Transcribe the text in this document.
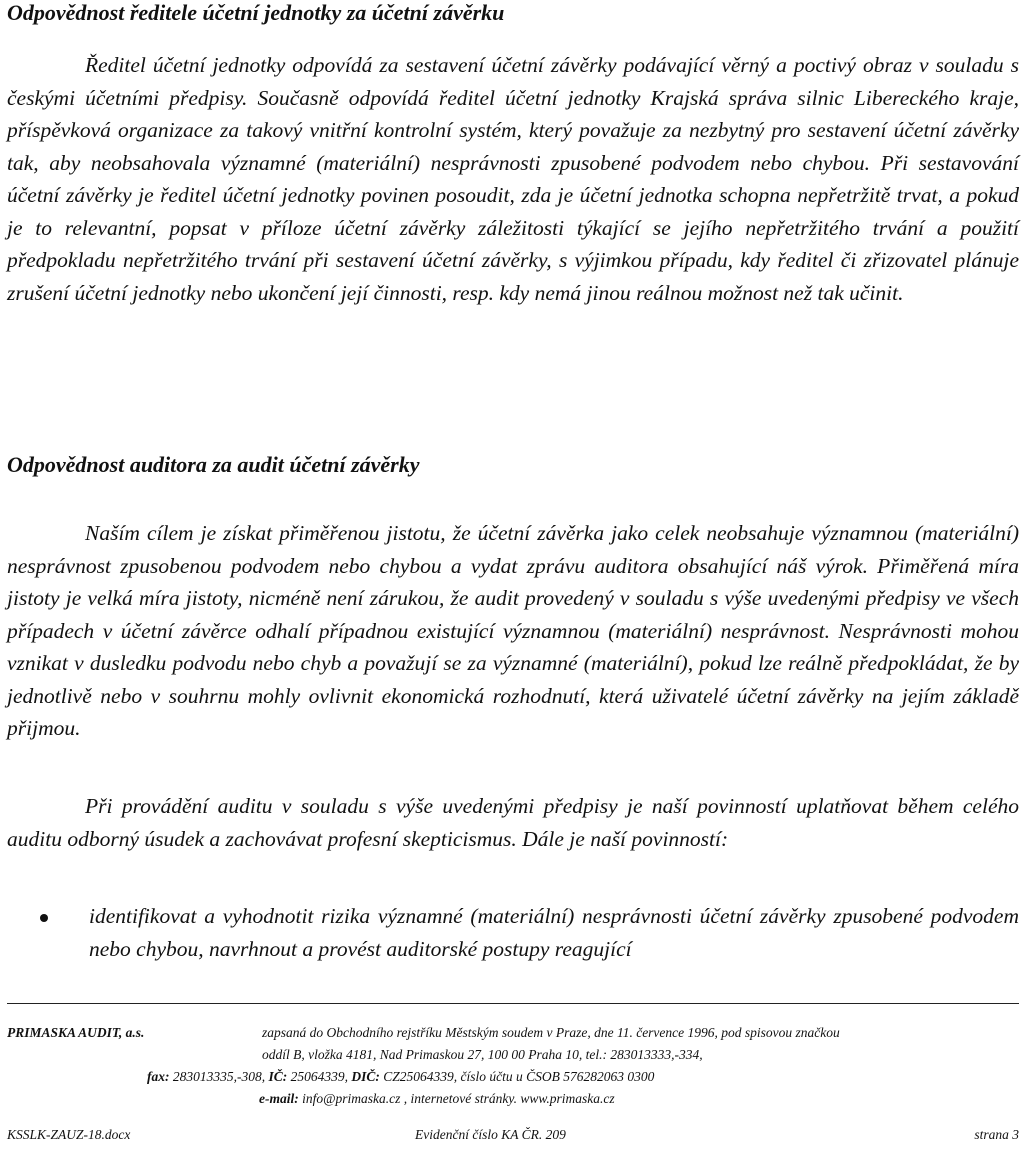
Odpovědnost ředitele účetní jednotky za účetní závěrku

Ředitel účetní jednotky odpovídá za sestavení účetní závěrky podávající věrný a poctivý obraz v souladu s českými účetními předpisy. Současně odpovídá ředitel účetní jednotky Krajská správa silnic Libereckého kraje, příspěvková organizace za takový vnitřní kontrolní systém, který považuje za nezbytný pro sestavení účetní závěrky tak, aby neobsahovala významné (materiální) nesprávnosti zpusobené podvodem nebo chybou. Při sestavování účetní závěrky je ředitel účetní jednotky povinen posoudit, zda je účetní jednotka schopna nepřetržitě trvat, a pokud je to relevantní, popsat v příloze účetní závěrky záležitosti týkající se jejího nepřetržitého trvání a použití předpokladu nepřetržitého trvání při sestavení účetní závěrky, s výjimkou případu, kdy ředitel či zřizovatel plánuje zrušení účetní jednotky nebo ukončení její činnosti, resp. kdy nemá jinou reálnou možnost než tak učinit.

Odpovědnost auditora za audit účetní závěrky

Naším cílem je získat přiměřenou jistotu, že účetní závěrka jako celek neobsahuje významnou (materiální) nesprávnost zpusobenou podvodem nebo chybou a vydat zprávu auditora obsahující náš výrok. Přiměřená míra jistoty je velká míra jistoty, nicméně není zárukou, že audit provedený v souladu s výše uvedenými předpisy ve všech případech v účetní závěrce odhalí případnou existující významnou (materiální) nesprávnost. Nesprávnosti mohou vznikat v dusledku podvodu nebo chyb a považují se za významné (materiální), pokud lze reálně předpokládat, že by jednotlivě nebo v souhrnu mohly ovlivnit ekonomická rozhodnutí, která uživatelé účetní závěrky na jejím základě přijmou.

Při provádění auditu v souladu s výše uvedenými předpisy je naší povinností uplatňovat během celého auditu odborný úsudek a zachovávat profesní skepticismus. Dále je naší povinností:

identifikovat a vyhodnotit rizika významné (materiální) nesprávnosti účetní závěrky zpusobené podvodem nebo chybou, navrhnout a provést auditorské postupy reagující
PRIMASKA AUDIT, a.s.	zapsaná do Obchodního rejstříku Městským soudem v Praze, dne 11. července 1996, pod spisovou značkou
oddíl B, vložka 4181, Nad Primaskou 27, 100 00 Praha 10, tel.: 283013333,-334,
fax: 283013335,-308, IČ: 25064339, DIČ: CZ25064339, číslo účtu u ČSOB 576282063 0300
e-mail: info@primaska.cz , internetové stránky. www.primaska.cz
KSSLK-ZAUZ-18.docx	Evidenční číslo KA ČR. 209	strana 3
